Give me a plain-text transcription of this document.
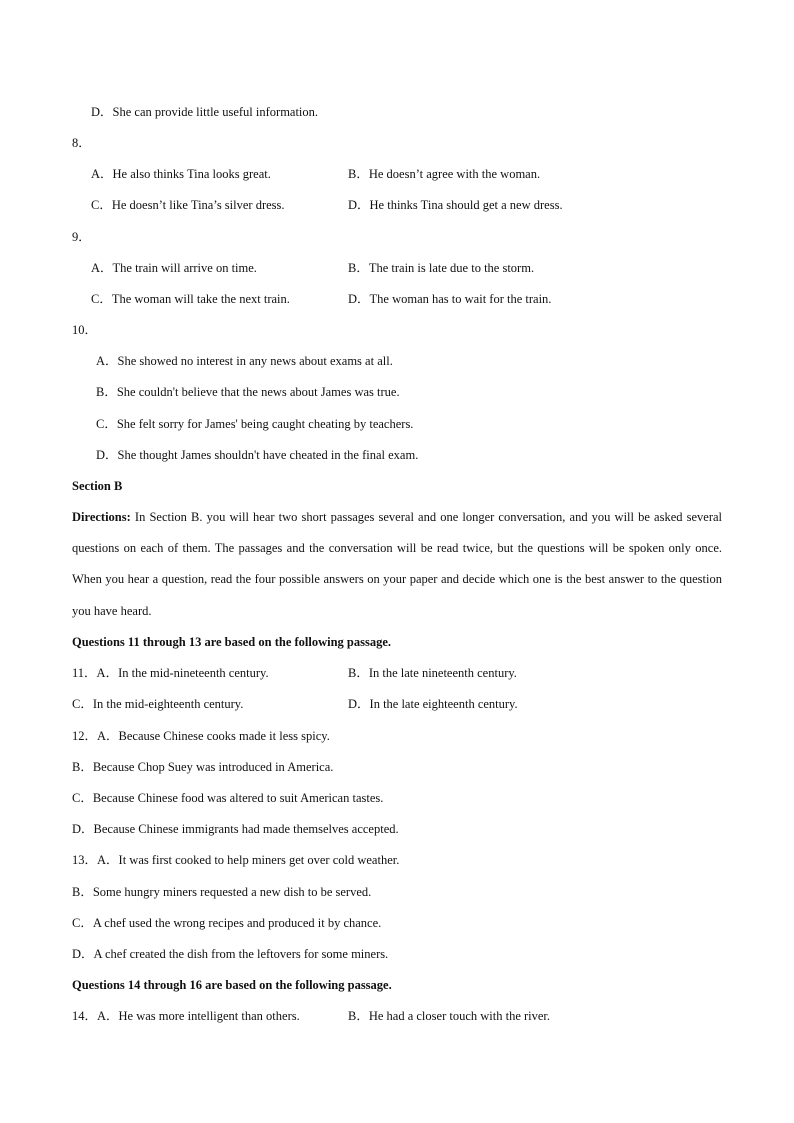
D．She can provide little useful information.
8．
A．He also thinks Tina looks great.	B．He doesn’t agree with the woman.
C．He doesn’t like Tina’s silver dress.	D．He thinks Tina should get a new dress.
9．
A．The train will arrive on time.	B．The train is late due to the storm.
C．The woman will take the next train.	D．The woman has to wait for the train.
10．
A．She showed no interest in any news about exams at all.
B．She couldn't believe that the news about James was true.
C．She felt sorry for James' being caught cheating by teachers.
D．She thought James shouldn't have cheated in the final exam.
Section B
Directions: In Section B. you will hear two short passages several and one longer conversation, and you will be asked several questions on each of them. The passages and the conversation will be read twice, but the questions will be spoken only once. When you hear a question, read the four possible answers on your paper and decide which one is the best answer to the question you have heard.
Questions 11 through 13 are based on the following passage.
11．A．In the mid-nineteenth century.	B．In the late nineteenth century.
C．In the mid-eighteenth century.	D．In the late eighteenth century.
12．A．Because Chinese cooks made it less spicy.
B．Because Chop Suey was introduced in America.
C．Because Chinese food was altered to suit American tastes.
D．Because Chinese immigrants had made themselves accepted.
13．A．It was first cooked to help miners get over cold weather.
B．Some hungry miners requested a new dish to be served.
C．A chef used the wrong recipes and produced it by chance.
D．A chef created the dish from the leftovers for some miners.
Questions 14 through 16 are based on the following passage.
14．A．He was more intelligent than others.	B．He had a closer touch with the river.
